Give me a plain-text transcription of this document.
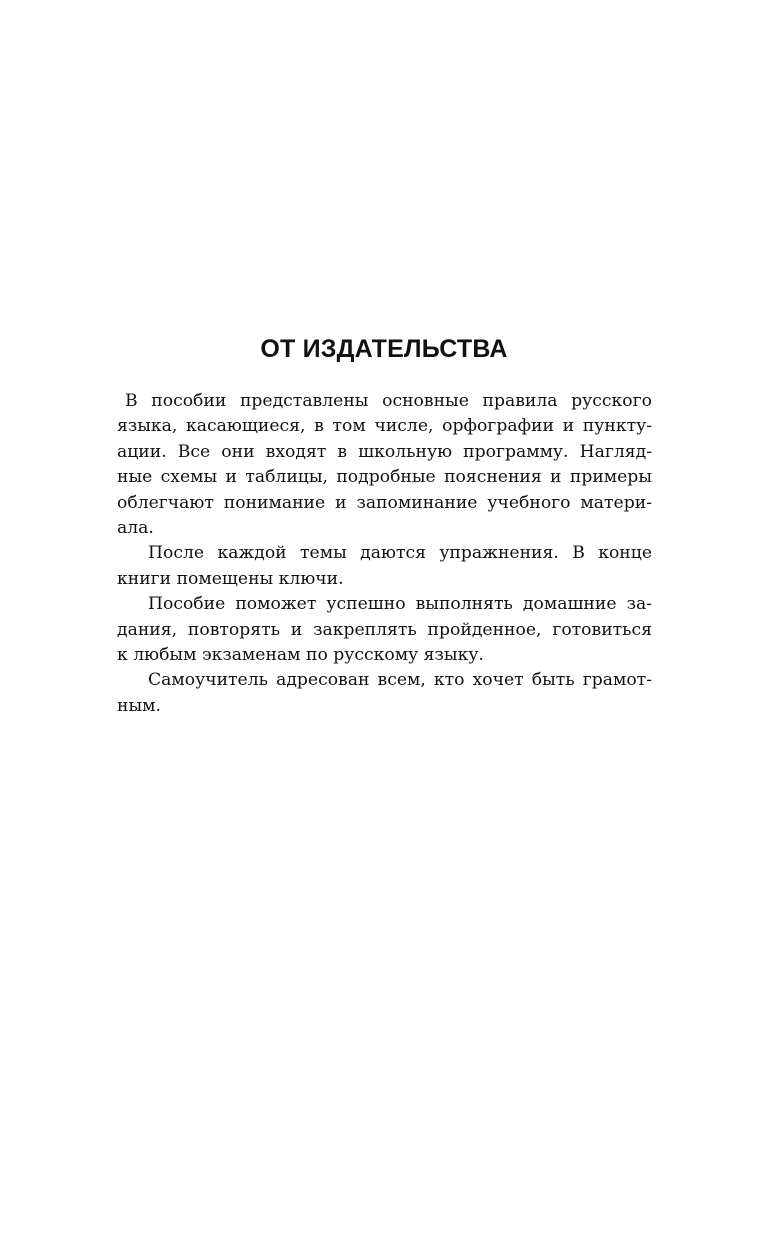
ОТ ИЗДАТЕЛЬСТВА
В пособии представлены основные правила русского
языка, касающиеся, в том числе, орфографии и пункту-
ации. Все они входят в школьную программу. Нагляд-
ные схемы и таблицы, подробные пояснения и примеры
облегчают понимание и запоминание учебного матери-
ала.
После каждой темы даются упражнения. В конце
книги помещены ключи.
Пособие поможет успешно выполнять домашние за-
дания, повторять и закреплять пройденное, готовиться
к любым экзаменам по русскому языку.
Самоучитель адресован всем, кто хочет быть грамот-
ным.
